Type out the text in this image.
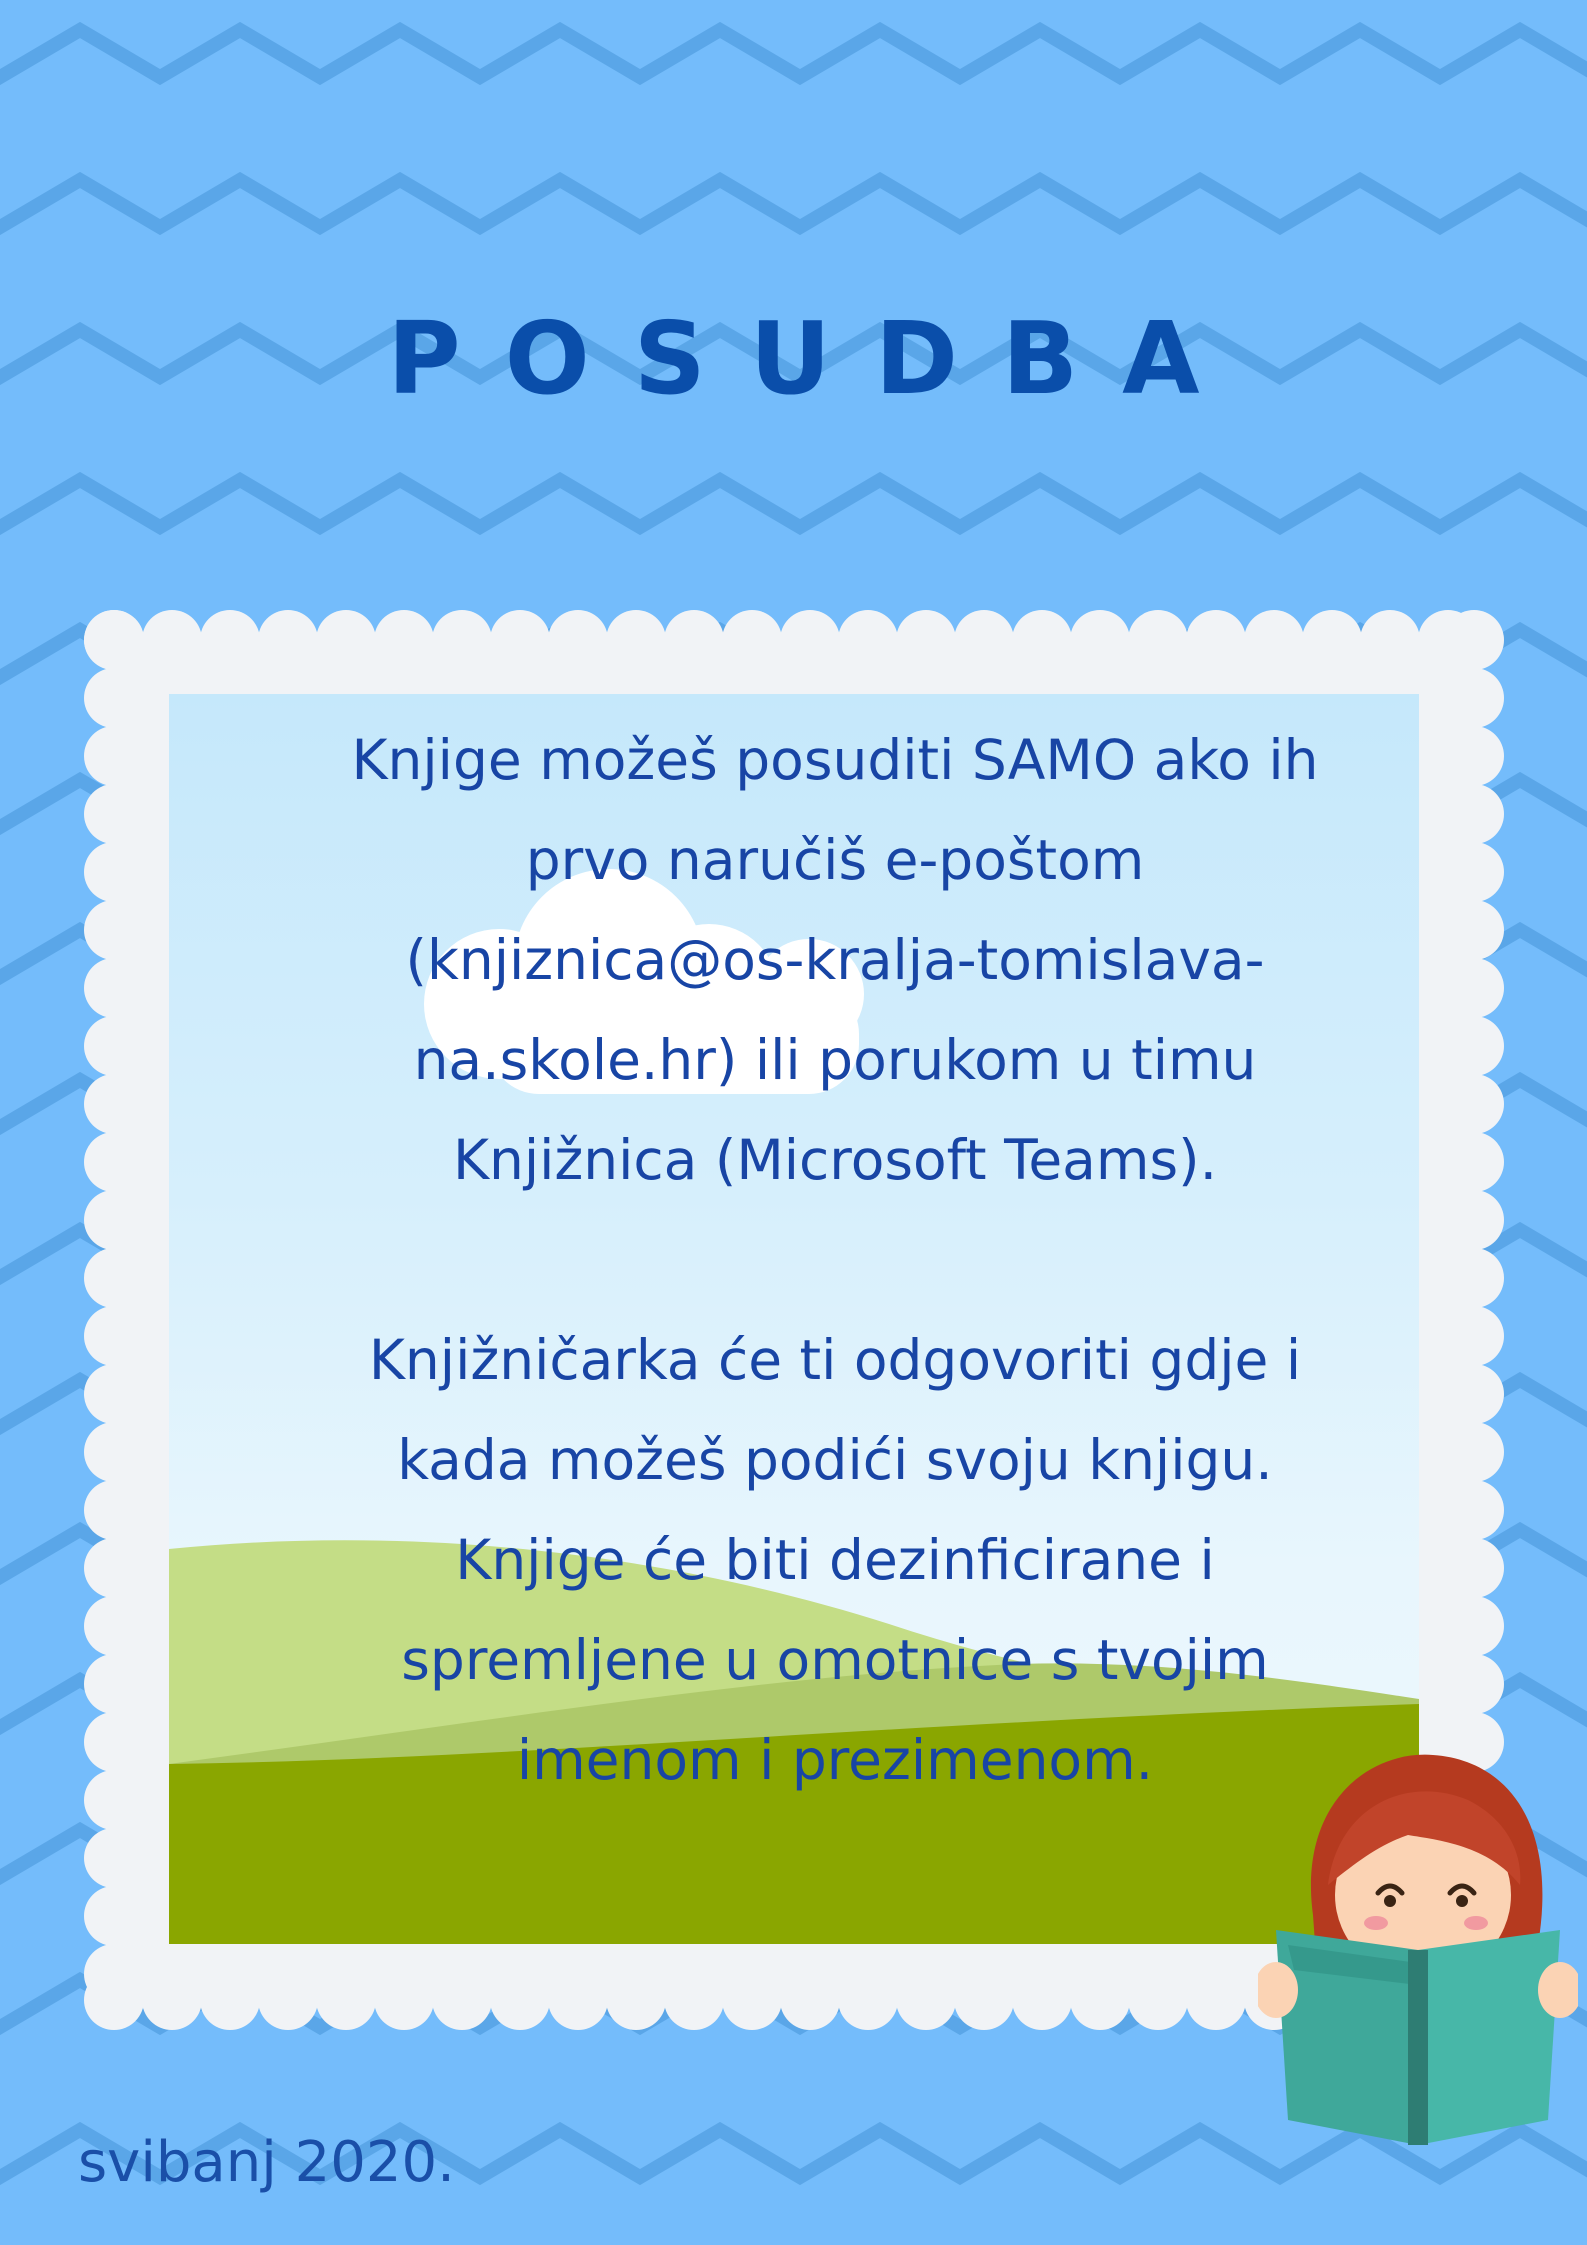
POSUDBA

Knjige možeš posuditi SAMO ako ih

prvo naručiš e-poštom

(knjiznica@os-kralja-tomislava-

na.skole.hr) ili porukom u timu

Knjižnica (Microsoft Teams).

Knjižničarka će ti odgovoriti gdje i

kada možeš podići svoju knjigu.

Knjige će biti dezinficirane i

spremljene u omotnice s tvojim

imenom i prezimenom.

svibanj 2020.
